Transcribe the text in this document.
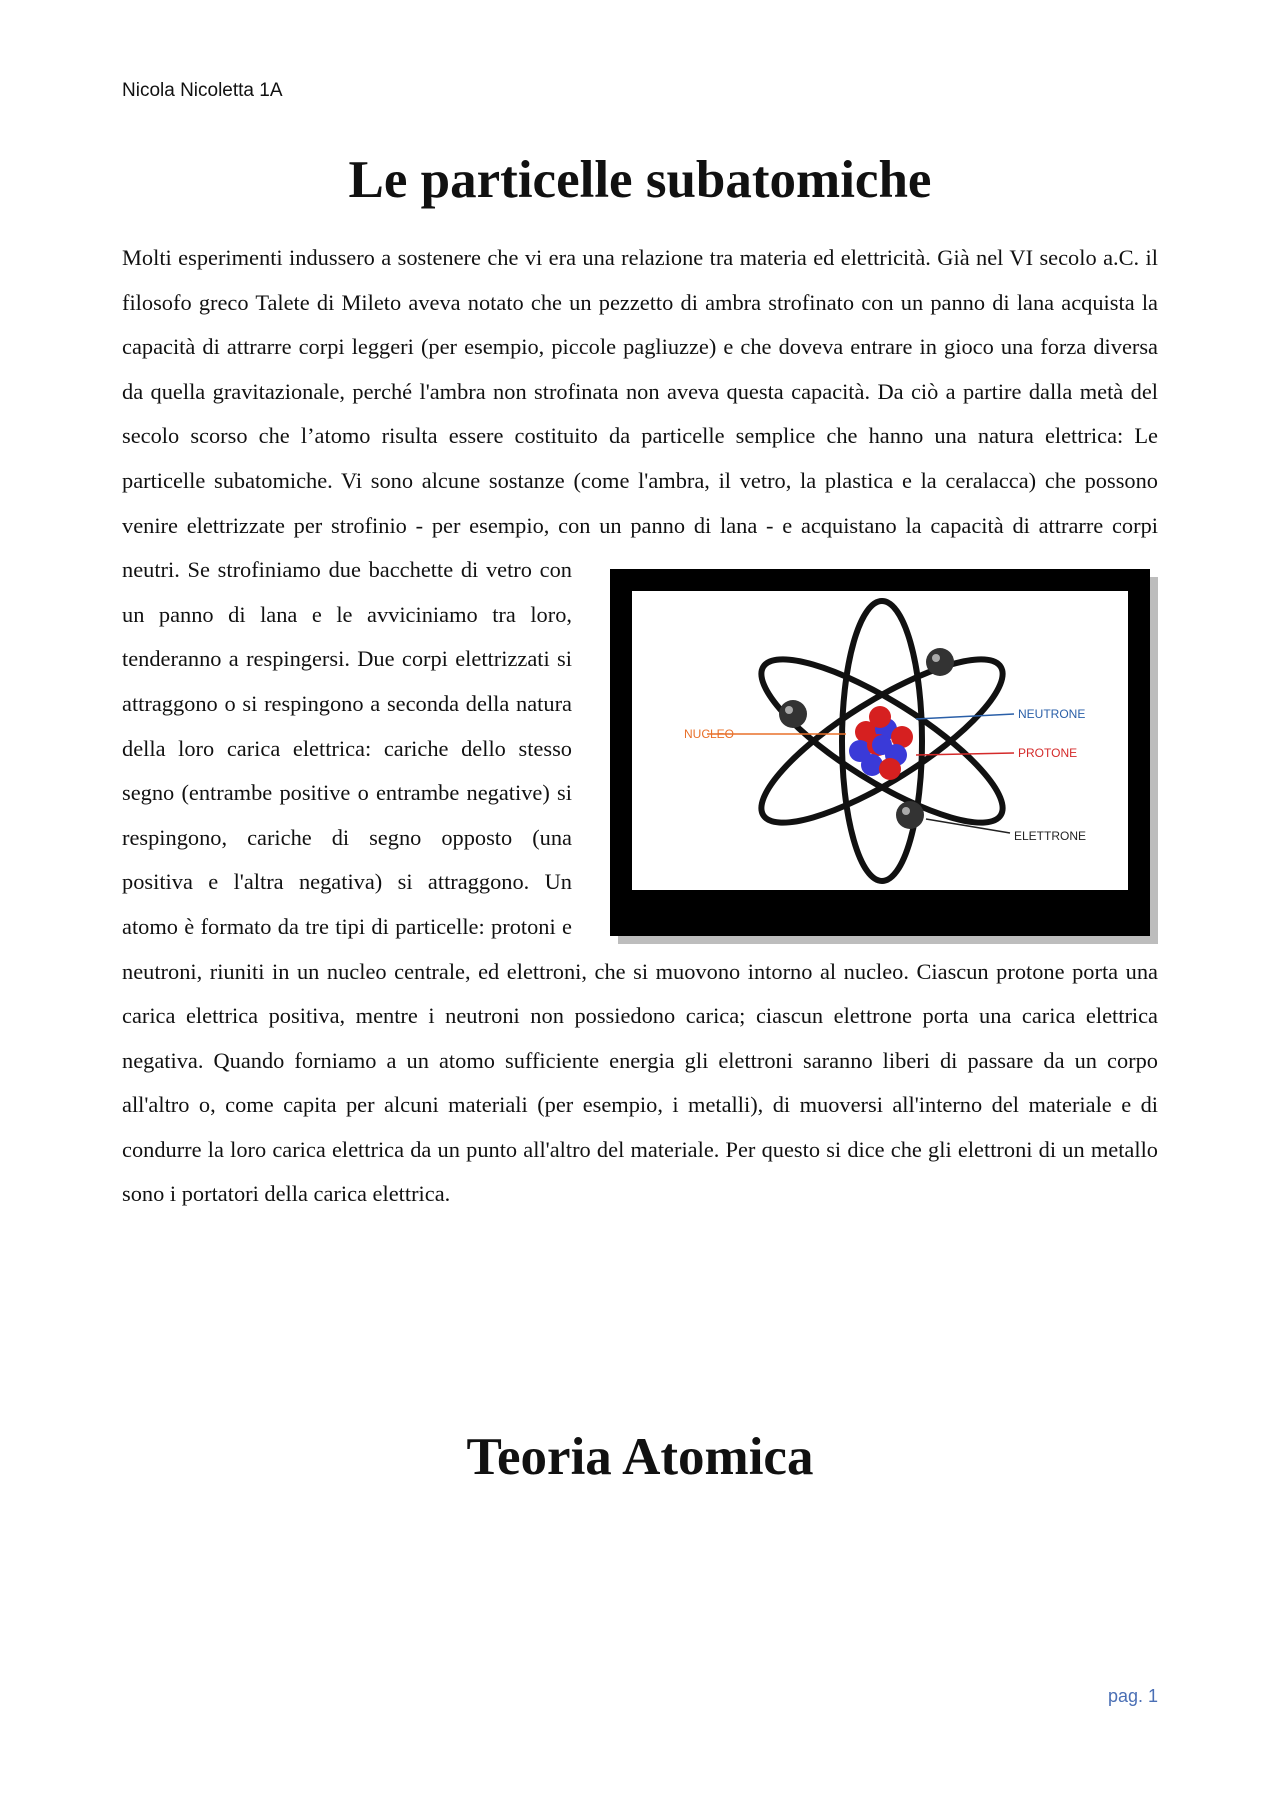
Nicola Nicoletta 1A
Le particelle subatomiche
Molti esperimenti indussero a sostenere che vi era una relazione tra materia ed elettricità. Già nel VI secolo a.C. il filosofo greco Talete di Mileto aveva notato che un pezzetto di ambra strofinato con un panno di lana acquista la capacità di attrarre corpi leggeri (per esempio, piccole pagliuzze) e che doveva entrare in gioco una forza diversa da quella gravitazionale, perché l'ambra non strofinata non aveva questa capacità. Da ciò a partire dalla metà del secolo scorso che l’atomo risulta essere costituito da particelle semplice che hanno una natura elettrica: Le particelle subatomiche. Vi sono alcune sostanze (come l'ambra, il vetro, la plastica e la ceralacca) che possono venire elettrizzate per strofinio - per esempio, con un panno di lana - e acquistano la capacità di attrarre corpi neutri.
NUCLEO
NEUTRONE
PROTONE
ELETTRONE
Se strofiniamo due bacchette di vetro con un panno di lana e le avviciniamo tra loro, tenderanno a respingersi. Due corpi elettrizzati si attraggono o si respingono a seconda della natura della loro carica elettrica: cariche dello stesso segno (entrambe positive o entrambe negative) si respingono, cariche di segno opposto (una positiva e l'altra negativa) si attraggono. Un atomo è formato da tre tipi di particelle: protoni e neutroni, riuniti in un nucleo centrale, ed elettroni, che si muovono intorno al nucleo. Ciascun protone porta una carica elettrica positiva, mentre i neutroni non possiedono carica; ciascun elettrone porta una carica elettrica negativa. Quando forniamo a un atomo sufficiente energia gli elettroni saranno liberi di passare da un corpo all'altro o, come capita per alcuni materiali (per esempio, i metalli), di muoversi all'interno del materiale e di condurre la loro carica elettrica da un punto all'altro del materiale. Per questo si dice che gli elettroni di un metallo sono i portatori della carica elettrica.
Teoria Atomica
pag. 1
